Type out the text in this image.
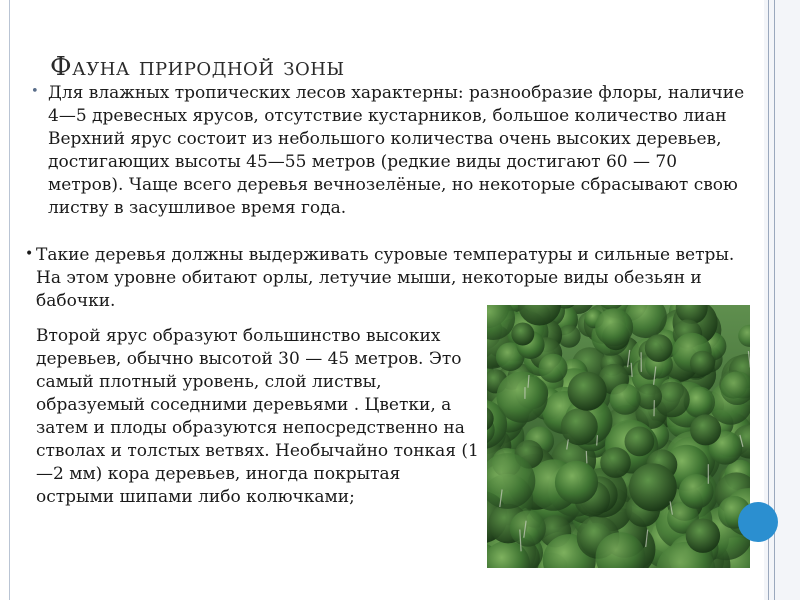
Фауна природной зоны
• Для влажных тропических лесов характерны: разнообразие флоры, наличие 4—5 древесных ярусов, отсутствие кустарников, большое количество лиан Верхний ярус состоит из небольшого количества очень высоких деревьев, достигающих высоты 45—55 метров (редкие виды достигают 60 — 70 метров). Чаще всего деревья вечнозелёные, но некоторые сбрасывают свою листву в засушливое время года.

• Такие деревья должны выдерживать суровые температуры и сильные ветры. На этом уровне обитают орлы, летучие мыши, некоторые виды обезьян и бабочки.

Второй ярус образуют большинство высоких деревьев, обычно высотой 30 — 45 метров. Это самый плотный уровень, слой листвы, образуемый соседними деревьями . Цветки, а затем и плоды образуются непосредственно на стволах и толстых ветвях. Необычайно тонкая (1—2 мм) кора деревьев, иногда покрытая острыми шипами либо колючками;
